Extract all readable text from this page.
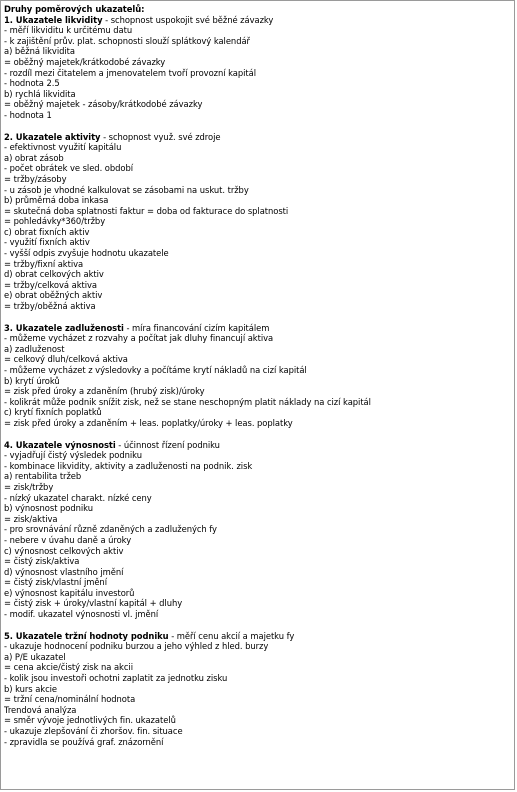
Druhy poměrových ukazatelů:
1. Ukazatele likvidity - schopnost uspokojit své běžné závazky
- měří likviditu k určitému datu
- k zajištění prův. plat. schopnosti slouží splátkový kalendář
a) běžná likvidita
= oběžný majetek/krátkodobé závazky
- rozdíl mezi čitatelem a jmenovatelem tvoří provozní kapitál
- hodnota 2.5
b) rychlá likvidita
= oběžný majetek - zásoby/krátkodobé závazky
- hodnota 1
2. Ukazatele aktivity - schopnost využ. své zdroje
- efektivnost využití kapitálu
a) obrat zásob
- počet obrátek ve sled. období
= tržby/zásoby
- u zásob je vhodné kalkulovat se zásobami na uskut. tržby
b) průměrná doba inkasa
= skutečná doba splatnosti faktur = doba od fakturace do splatnosti
= pohledávky*360/tržby
c) obrat fixních aktiv
- využití fixních aktiv
- vyšší odpis zvyšuje hodnotu ukazatele
= tržby/fixní aktiva
d) obrat celkových aktiv
= tržby/celková aktiva
e) obrat oběžných aktiv
= tržby/oběžná aktiva
3. Ukazatele zadluženosti - míra financování cizím kapitálem
- můžeme vycházet z rozvahy a počítat jak dluhy financují aktiva
a) zadluženost
= celkový dluh/celková aktiva
- můžeme vycházet z výsledovky a počítáme krytí nákladů na cizí kapitál
b) krytí úroků
= zisk před úroky a zdaněním (hrubý zisk)/úroky
- kolikrát může podnik snížit zisk, než se stane neschopným platit náklady na cizí kapitál
c) krytí fixních poplatků
= zisk před úroky a zdaněním + leas. poplatky/úroky + leas. poplatky
4. Ukazatele výnosnosti - účinnost řízení podniku
- vyjadřují čistý výsledek podniku
- kombinace likvidity, aktivity a zadluženosti na podnik. zisk
a) rentabilita tržeb
= zisk/tržby
- nízký ukazatel charakt. nízké ceny
b) výnosnost podniku
= zisk/aktiva
- pro srovnávání různě zdaněných a zadlužených fy
- nebere v úvahu daně a úroky
c) výnosnost celkových aktiv
= čistý zisk/aktiva
d) výnosnost vlastního jmění
= čistý zisk/vlastní jmění
e) výnosnost kapitálu investorů
= čistý zisk + úroky/vlastní kapitál + dluhy
- modif. ukazatel výnosnosti vl. jmění
5. Ukazatele tržní hodnoty podniku - měří cenu akcií a majetku fy
- ukazuje hodnocení podniku burzou a jeho výhled z hled. burzy
a) P/E ukazatel
= cena akcie/čistý zisk na akcii
- kolik jsou investoři ochotni zaplatit za jednotku zisku
b) kurs akcie
= tržní cena/nominální hodnota
Trendová analýza
= směr vývoje jednotlivých fin. ukazatelů
- ukazuje zlepšování či zhoršov. fin. situace
- zpravidla se používá graf. znázornění
